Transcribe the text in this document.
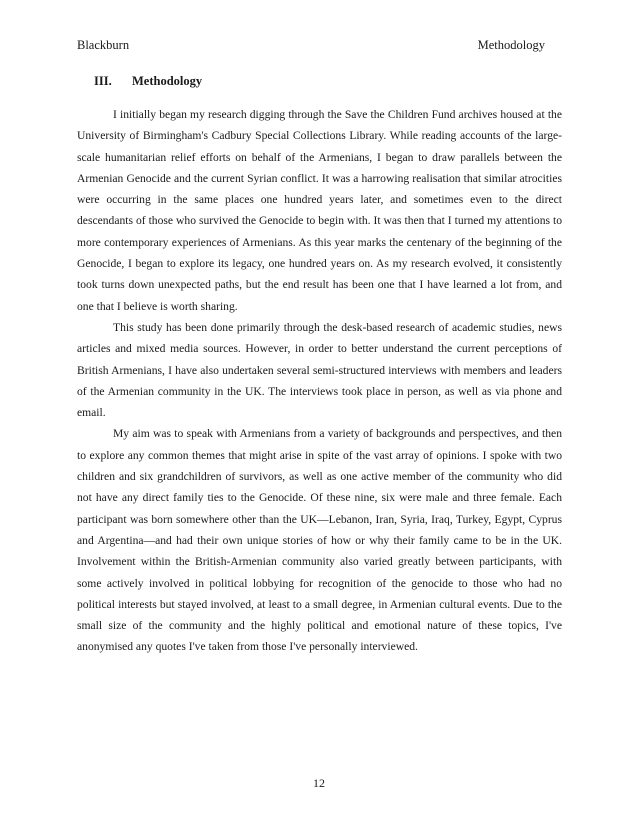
Blackburn	Methodology
III.	Methodology

I initially began my research digging through the Save the Children Fund archives housed at the University of Birmingham's Cadbury Special Collections Library. While reading accounts of the large-scale humanitarian relief efforts on behalf of the Armenians, I began to draw parallels between the Armenian Genocide and the current Syrian conflict. It was a harrowing realisation that similar atrocities were occurring in the same places one hundred years later, and sometimes even to the direct descendants of those who survived the Genocide to begin with. It was then that I turned my attentions to more contemporary experiences of Armenians. As this year marks the centenary of the beginning of the Genocide, I began to explore its legacy, one hundred years on. As my research evolved, it consistently took turns down unexpected paths, but the end result has been one that I have learned a lot from, and one that I believe is worth sharing.

This study has been done primarily through the desk-based research of academic studies, news articles and mixed media sources. However, in order to better understand the current perceptions of British Armenians, I have also undertaken several semi-structured interviews with members and leaders of the Armenian community in the UK. The interviews took place in person, as well as via phone and email.

My aim was to speak with Armenians from a variety of backgrounds and perspectives, and then to explore any common themes that might arise in spite of the vast array of opinions. I spoke with two children and six grandchildren of survivors, as well as one active member of the community who did not have any direct family ties to the Genocide. Of these nine, six were male and three female. Each participant was born somewhere other than the UK—Lebanon, Iran, Syria, Iraq, Turkey, Egypt, Cyprus and Argentina—and had their own unique stories of how or why their family came to be in the UK. Involvement within the British-Armenian community also varied greatly between participants, with some actively involved in political lobbying for recognition of the genocide to those who had no political interests but stayed involved, at least to a small degree, in Armenian cultural events. Due to the small size of the community and the highly political and emotional nature of these topics, I've anonymised any quotes I've taken from those I've personally interviewed.

12
